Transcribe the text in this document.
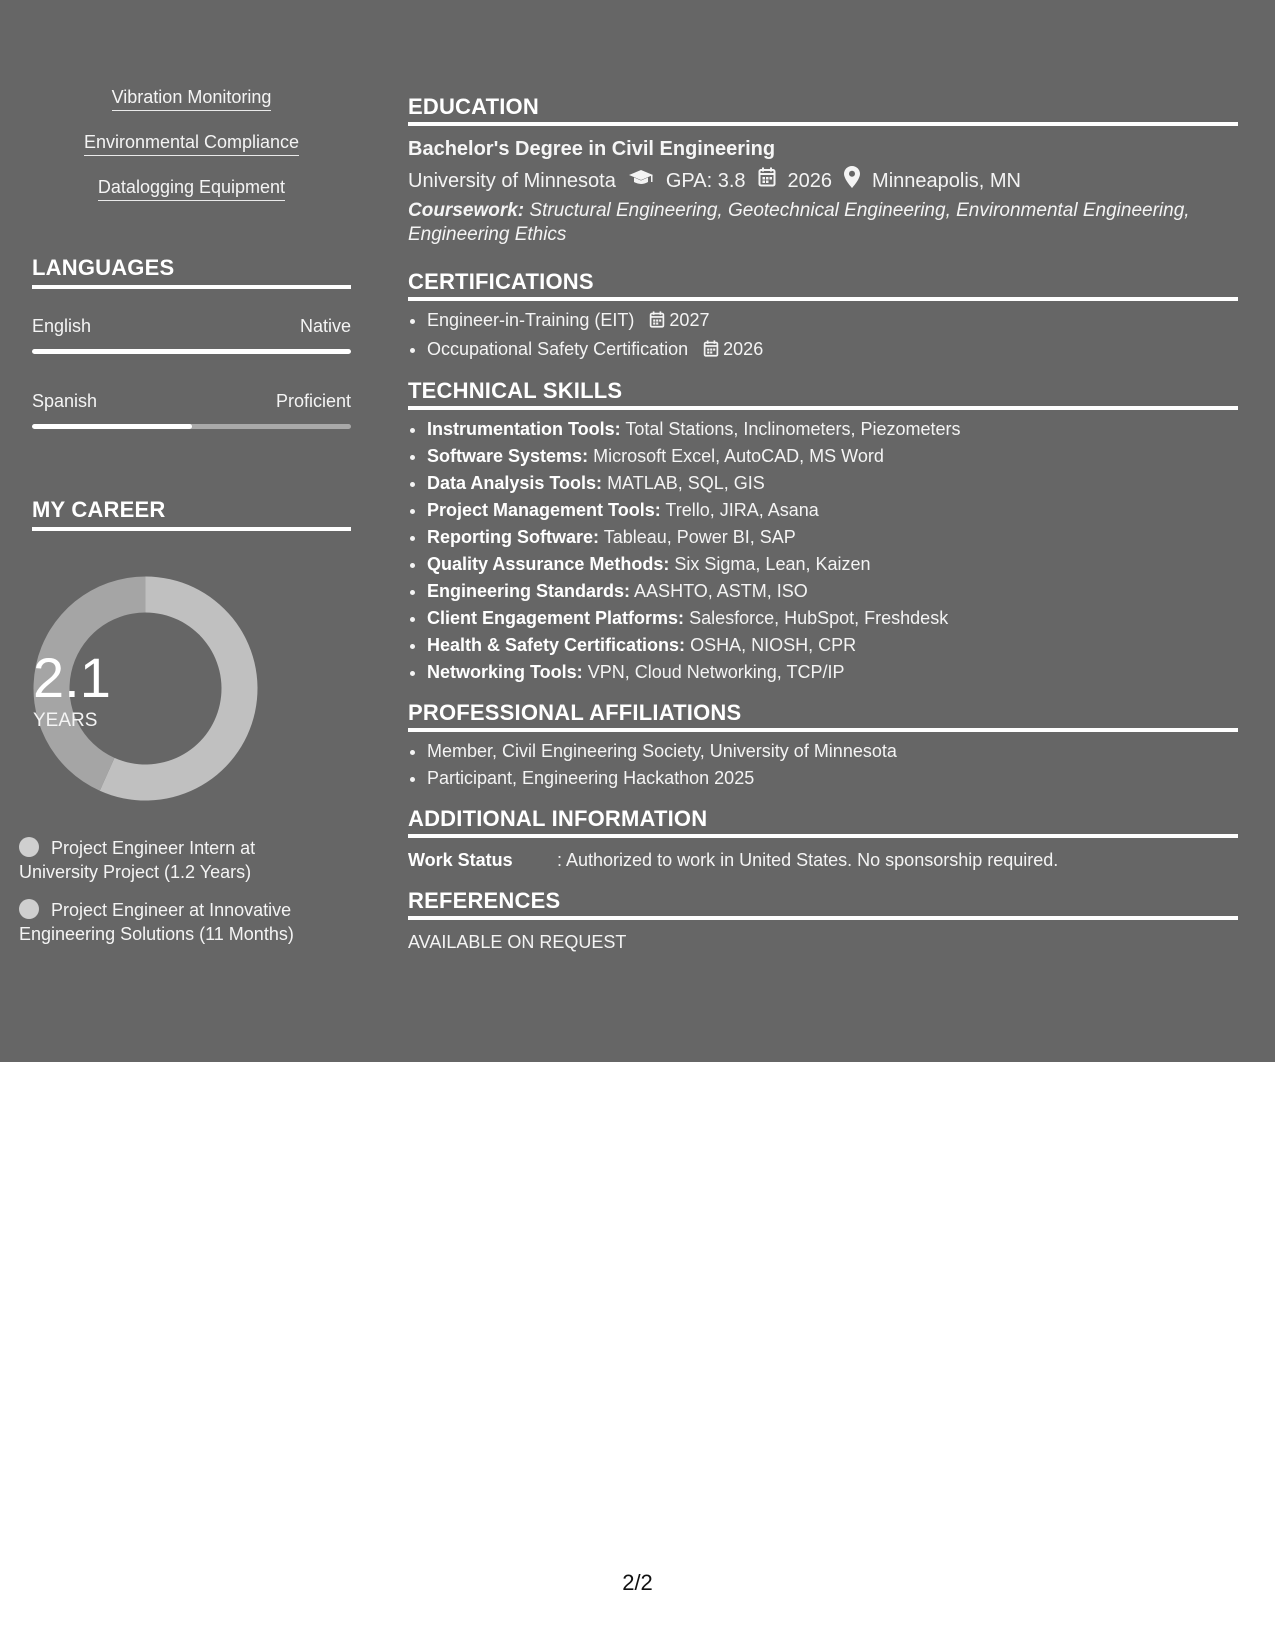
Vibration Monitoring
Environmental Compliance
Datalogging Equipment
LANGUAGES
English	Native
Spanish	Proficient
MY CAREER
2.1
YEARS
Project Engineer Intern at University Project (1.2 Years)
Project Engineer at Innovative Engineering Solutions (11 Months)
EDUCATION
Bachelor's Degree in Civil Engineering
University of Minnesota	GPA: 3.8 2026 Minneapolis, MN
Coursework: Structural Engineering, Geotechnical Engineering, Environmental Engineering, Engineering Ethics
CERTIFICATIONS
• Engineer-in-Training (EIT) 2027
• Occupational Safety Certification 2026
TECHNICAL SKILLS
• Instrumentation Tools: Total Stations, Inclinometers, Piezometers
• Software Systems: Microsoft Excel, AutoCAD, MS Word
• Data Analysis Tools: MATLAB, SQL, GIS
• Project Management Tools: Trello, JIRA, Asana
• Reporting Software: Tableau, Power BI, SAP
• Quality Assurance Methods: Six Sigma, Lean, Kaizen
• Engineering Standards: AASHTO, ASTM, ISO
• Client Engagement Platforms: Salesforce, HubSpot, Freshdesk
• Health & Safety Certifications: OSHA, NIOSH, CPR
• Networking Tools: VPN, Cloud Networking, TCP/IP
PROFESSIONAL AFFILIATIONS
• Member, Civil Engineering Society, University of Minnesota
• Participant, Engineering Hackathon 2025
ADDITIONAL INFORMATION
Work Status : Authorized to work in United States. No sponsorship required.
REFERENCES
AVAILABLE ON REQUEST
2/2
